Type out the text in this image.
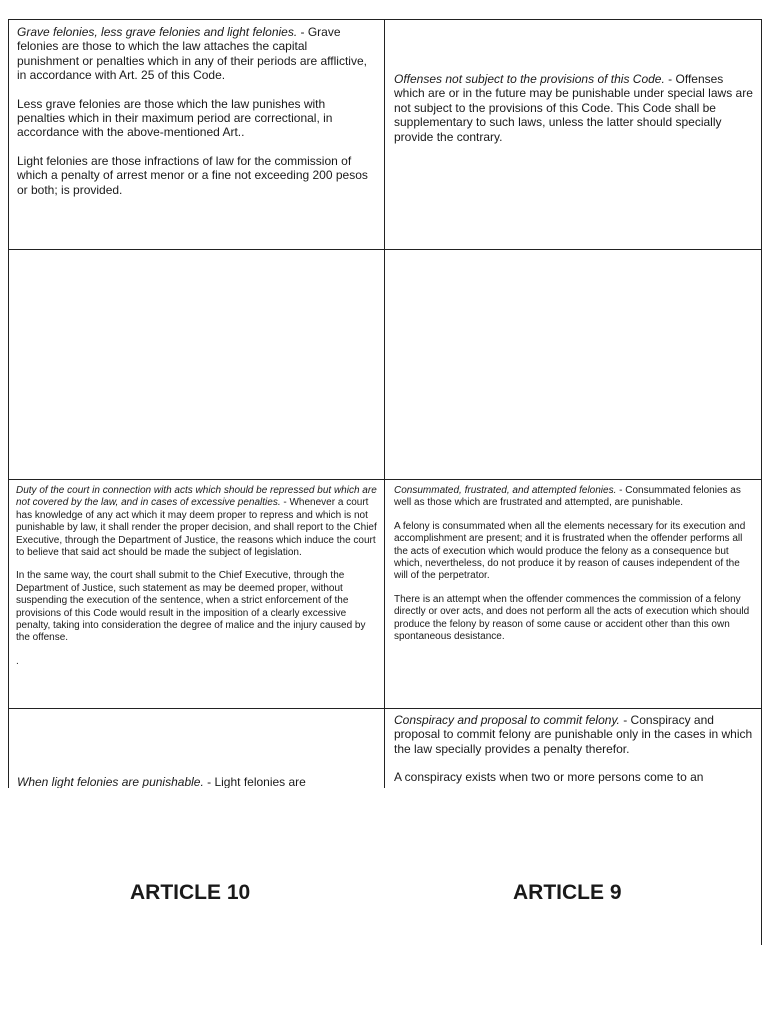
Grave felonies, less grave felonies and light felonies. - Grave felonies are those to which the law attaches the capital punishment or penalties which in any of their periods are afflictive, in accordance with Art. 25 of this Code.

Less grave felonies are those which the law punishes with penalties which in their maximum period are correctional, in accordance with the above-mentioned Art..

Light felonies are those infractions of law for the commission of which a penalty of arrest menor or a fine not exceeding 200 pesos or both; is provided.

Offenses not subject to the provisions of this Code. - Offenses which are or in the future may be punishable under special laws are not subject to the provisions of this Code. This Code shall be supplementary to such laws, unless the latter should specially provide the contrary.

Duty of the court in connection with acts which should be repressed but which are not covered by the law, and in cases of excessive penalties. - Whenever a court has knowledge of any act which it may deem proper to repress and which is not punishable by law, it shall render the proper decision, and shall report to the Chief Executive, through the Department of Justice, the reasons which induce the court to believe that said act should be made the subject of legislation.

In the same way, the court shall submit to the Chief Executive, through the Department of Justice, such statement as may be deemed proper, without suspending the execution of the sentence, when a strict enforcement of the provisions of this Code would result in the imposition of a clearly excessive penalty, taking into consideration the degree of malice and the injury caused by the offense.

.

Consummated, frustrated, and attempted felonies. - Consummated felonies as well as those which are frustrated and attempted, are punishable.

A felony is consummated when all the elements necessary for its execution and accomplishment are present; and it is frustrated when the offender performs all the acts of execution which would produce the felony as a consequence but which, nevertheless, do not produce it by reason of causes independent of the will of the perpetrator.

There is an attempt when the offender commences the commission of a felony directly or over acts, and does not perform all the acts of execution which should produce the felony by reason of some cause or accident other than this own spontaneous desistance.

When light felonies are punishable. - Light felonies are

Conspiracy and proposal to commit felony. - Conspiracy and proposal to commit felony are punishable only in the cases in which the law specially provides a penalty therefor.

A conspiracy exists when two or more persons come to an

ARTICLE 10	ARTICLE 9
